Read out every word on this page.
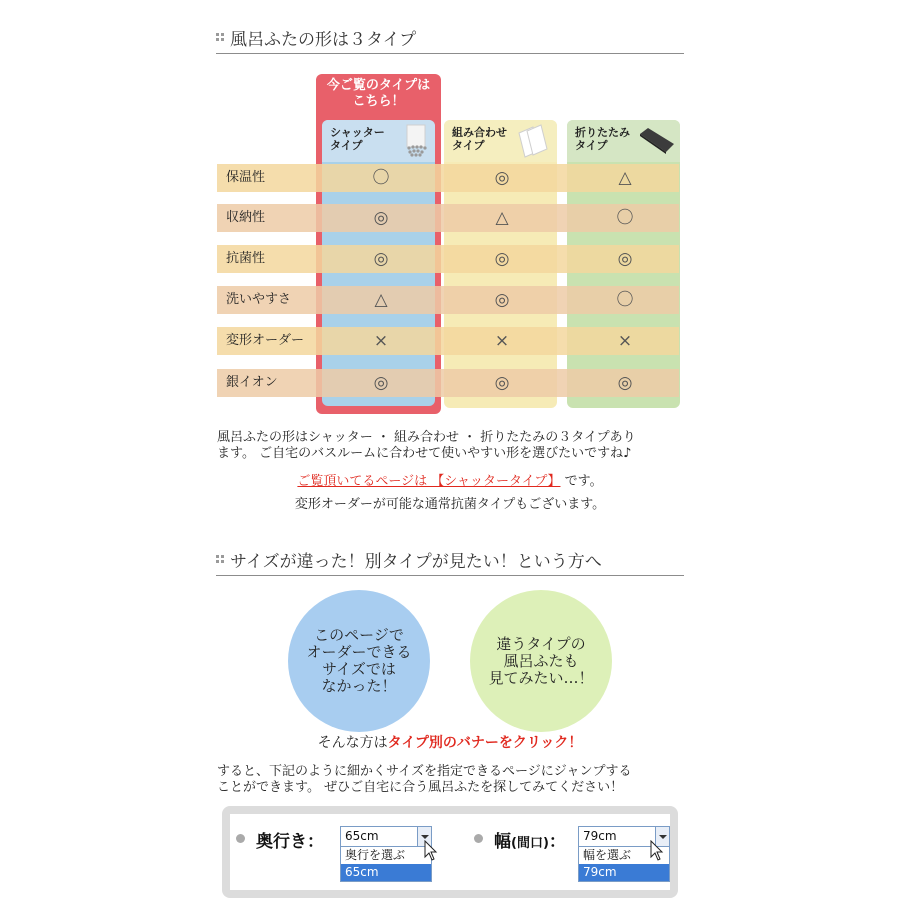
風呂ふたの形は３タイプ
今ご覧のタイプは
こちら！
シャッター
タイプ
組み合わせ
タイプ
折りたたみ
タイプ
保温性	〇	◎	△
収納性	◎	△	〇
抗菌性	◎	◎	◎
洗いやすさ	△	◎	〇
変形オーダー	×	×	×
銀イオン	◎	◎	◎
風呂ふたの形はシャッター ・ 組み合わせ ・ 折りたたみの３タイプあり
ます。 ご自宅のバスルームに合わせて使いやすい形を選びたいですね♪
ご覧頂いてるページは 【シャッタータイプ】 です。
変形オーダーが可能な通常抗菌タイプもございます。
サイズが違った！別タイプが見たい！という方へ
このページで
オーダーできる
サイズでは
なかった！
違うタイプの
風呂ふたも
見てみたい…！
そんな方はタイプ別のバナーをクリック！
すると、下記のように細かくサイズを指定できるページにジャンプする
ことができます。 ぜひご自宅に合う風呂ふたを探してみてください！
奥行き：	65cm
奥行を選ぶ
65cm
幅(間口)：	79cm
幅を選ぶ
79cm
